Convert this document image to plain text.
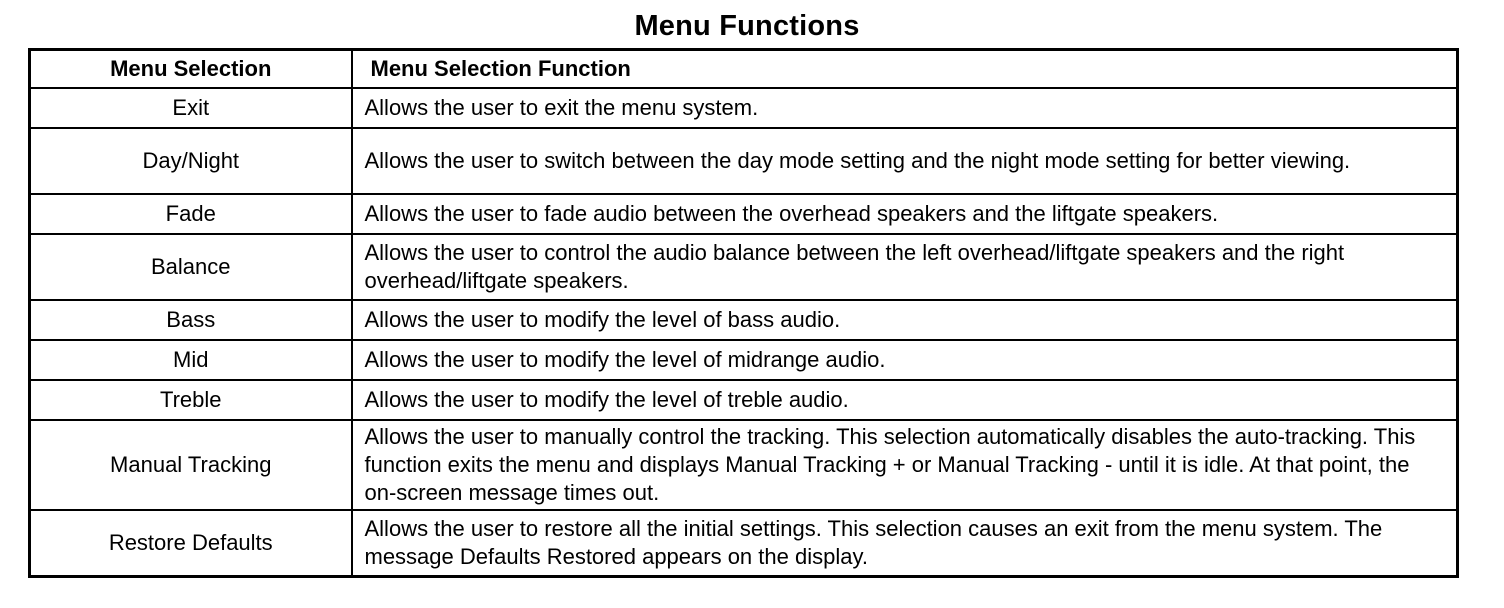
Menu Functions
Menu Selection	Menu Selection Function
Exit	Allows the user to exit the menu system.
Day/Night	Allows the user to switch between the day mode setting and the night mode setting for better viewing.
Fade	Allows the user to fade audio between the overhead speakers and the liftgate speakers.
Balance	Allows the user to control the audio balance between the left overhead/liftgate speakers and the right overhead/liftgate speakers.
Bass	Allows the user to modify the level of bass audio.
Mid	Allows the user to modify the level of midrange audio.
Treble	Allows the user to modify the level of treble audio.
Manual Tracking	Allows the user to manually control the tracking. This selection automatically disables the auto-tracking. This function exits the menu and displays Manual Tracking + or Manual Tracking - until it is idle. At that point, the on-screen message times out.
Restore Defaults	Allows the user to restore all the initial settings. This selection causes an exit from the menu system. The message Defaults Restored appears on the display.
